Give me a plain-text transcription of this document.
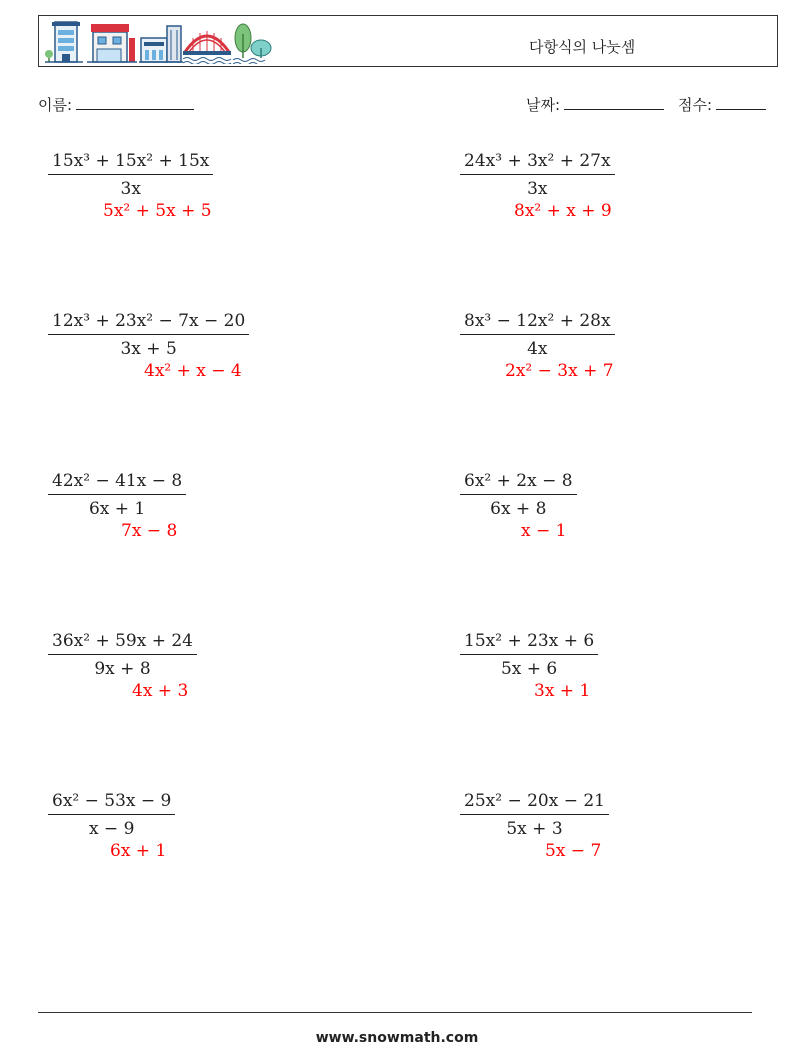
다항식의 나눗셈
이름:	날짜:	점수:
$\frac{\text{15x³ + 15x² + 15x}}{3x}$
5x² + 5x + 5
$\frac{\text{24x³ + 3x² + 27x}}{3x}$
8x² + x + 9
$\frac{\text{12x³ + 23x² − 7x − 20}}{3x + 5}$
4x² + x − 4
$\frac{\text{8x³ − 12x² + 28x}}{4x}$
2x² − 3x + 7
$\frac{\text{42x² − 41x − 8}}{6x + 1}$
7x − 8
$\frac{\text{6x² + 2x − 8}}{6x + 8}$
x − 1
$\frac{\text{36x² + 59x + 24}}{9x + 8}$
4x + 3
$\frac{\text{15x² + 23x + 6}}{5x + 6}$
3x + 1
$\frac{\text{6x² − 53x − 9}}{x - 9}$
6x + 1
$\frac{\text{25x² − 20x − 21}}{5x + 3}$
5x − 7
www.snowmath.com
